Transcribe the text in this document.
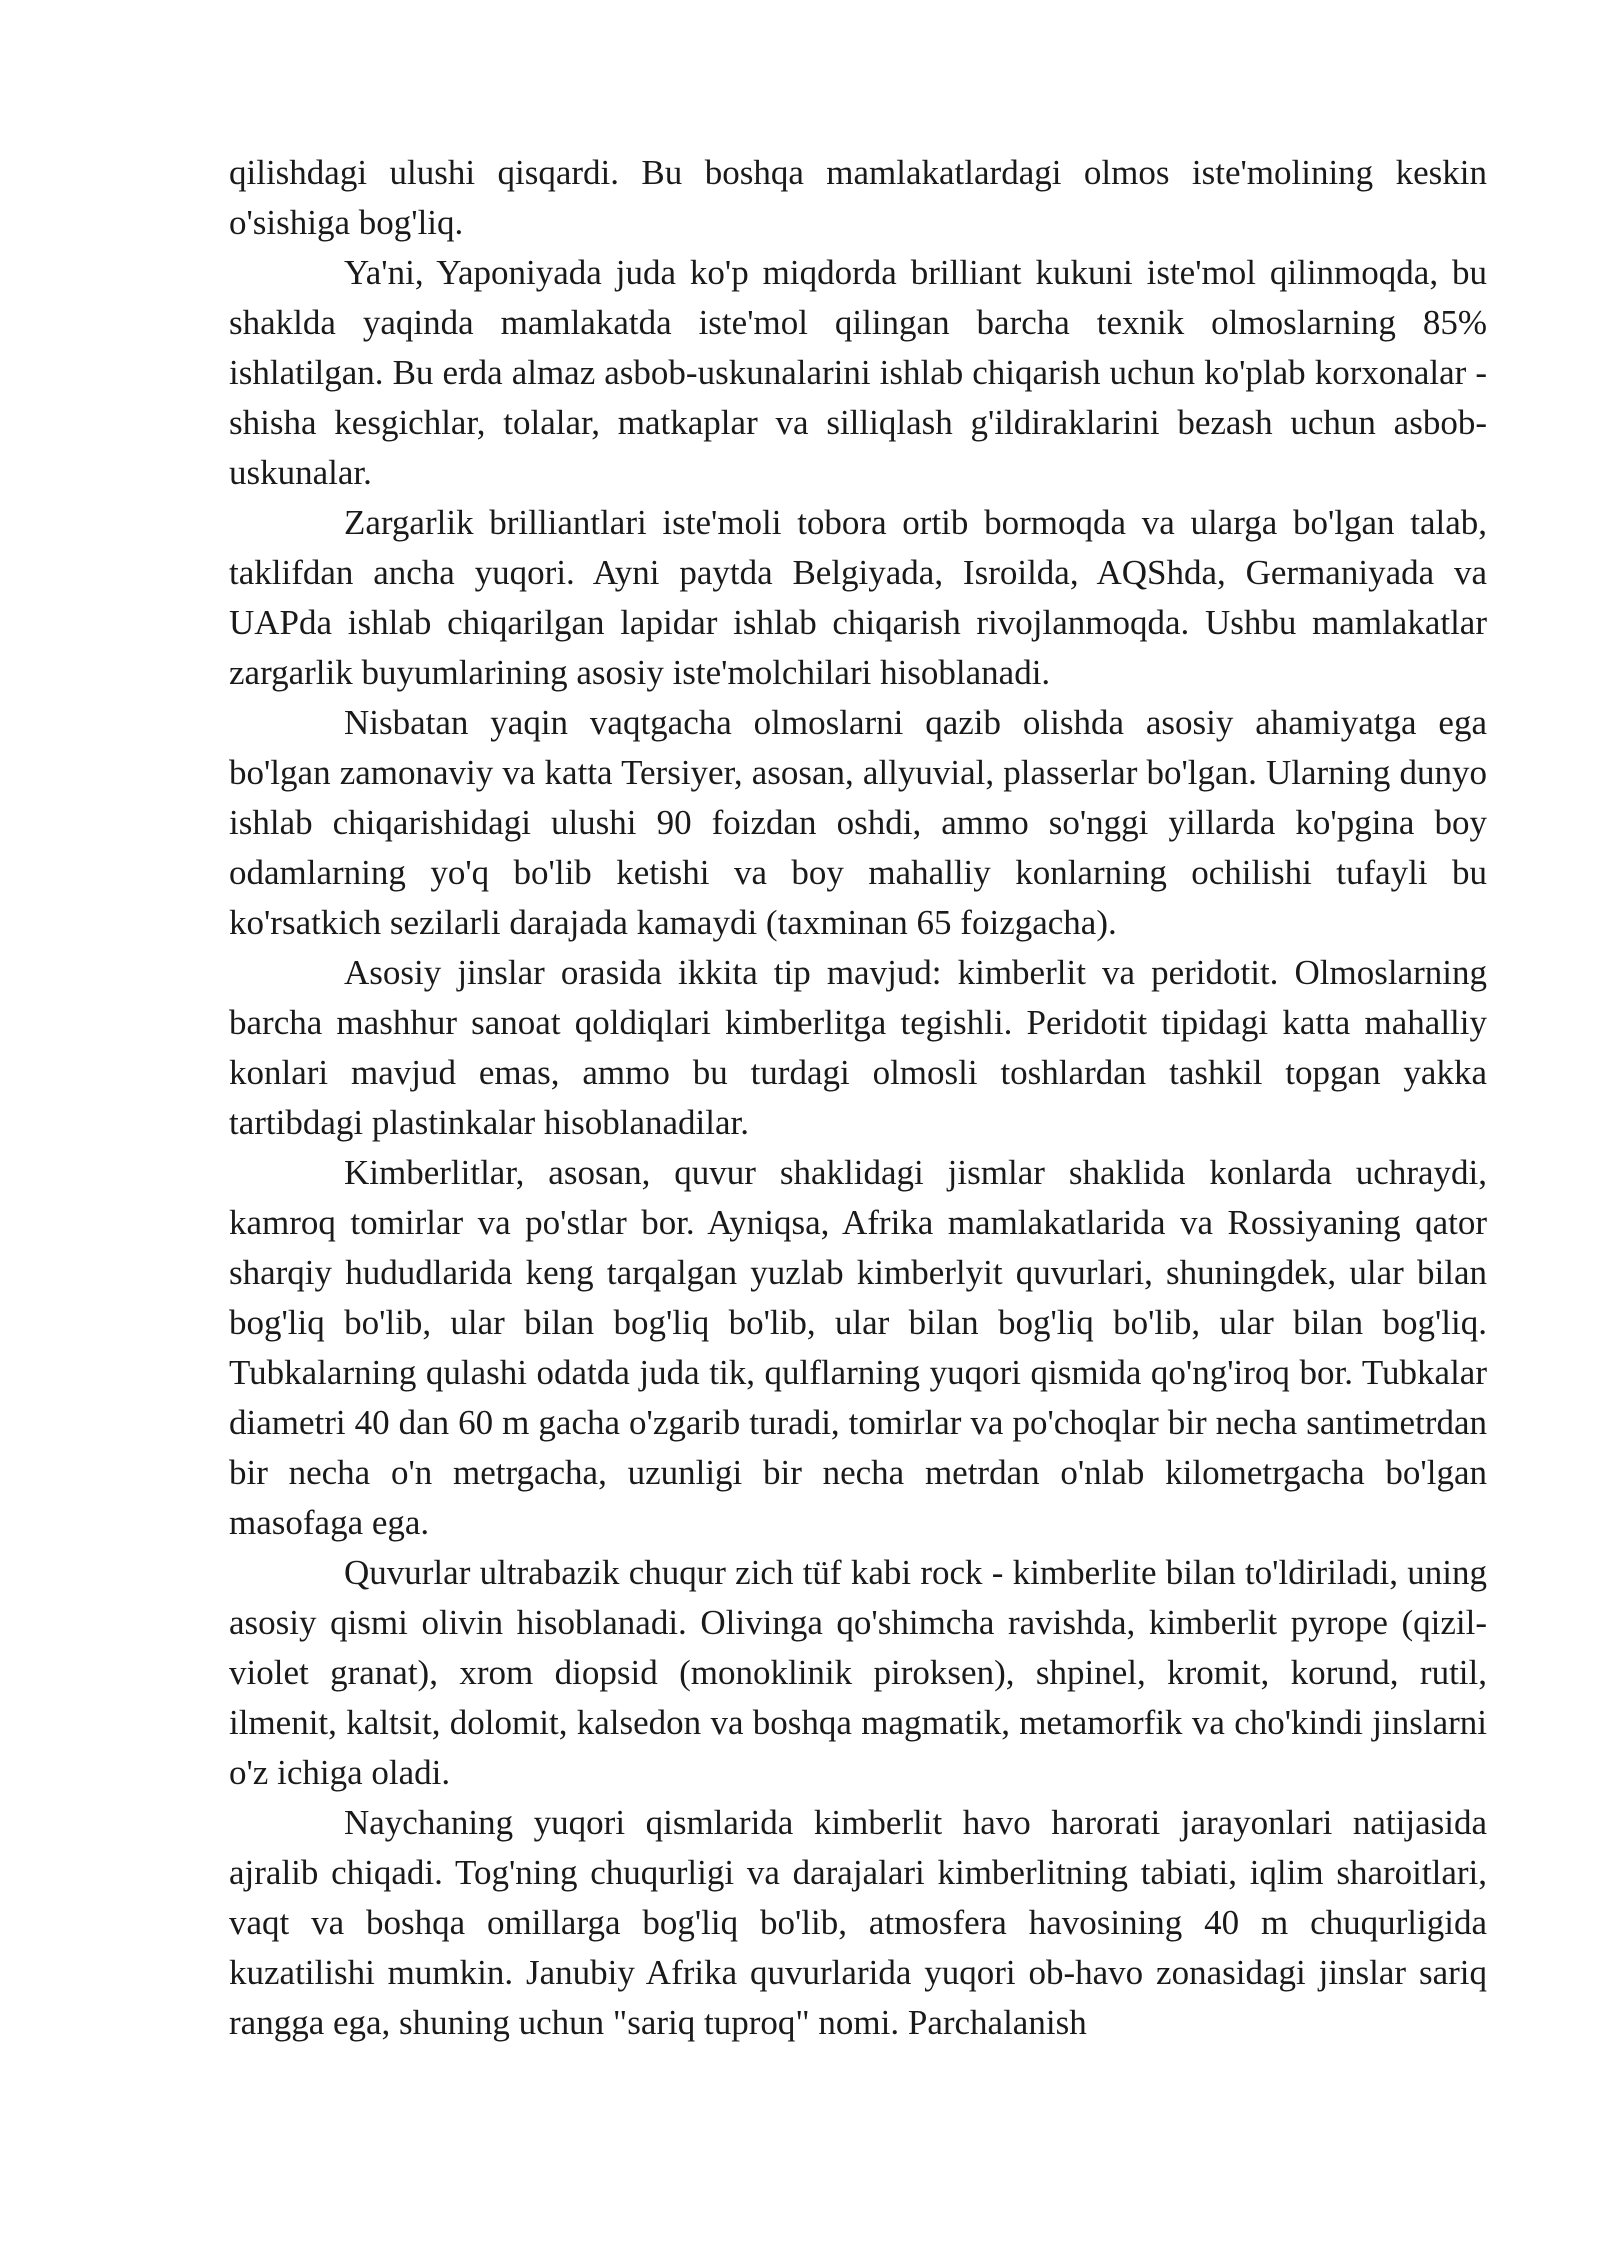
qilishdagi ulushi qisqardi. Bu boshqa mamlakatlardagi olmos iste'molining keskin o'sishiga bog'liq.

Ya'ni, Yaponiyada juda ko'p miqdorda brilliant kukuni iste'mol qilinmoqda, bu shaklda yaqinda mamlakatda iste'mol qilingan barcha texnik olmoslarning 85% ishlatilgan. Bu erda almaz asbob-uskunalarini ishlab chiqarish uchun ko'plab korxonalar - shisha kesgichlar, tolalar, matkaplar va silliqlash g'ildiraklarini bezash uchun asbob-uskunalar.

Zargarlik brilliantlari iste'moli tobora ortib bormoqda va ularga bo'lgan talab, taklifdan ancha yuqori. Ayni paytda Belgiyada, Isroilda, AQShda, Germaniyada va UAPda ishlab chiqarilgan lapidar ishlab chiqarish rivojlanmoqda. Ushbu mamlakatlar zargarlik buyumlarining asosiy iste'molchilari hisoblanadi.

Nisbatan yaqin vaqtgacha olmoslarni qazib olishda asosiy ahamiyatga ega bo'lgan zamonaviy va katta Tersiyer, asosan, allyuvial, plasserlar bo'lgan. Ularning dunyo ishlab chiqarishidagi ulushi 90 foizdan oshdi, ammo so'nggi yillarda ko'pgina boy odamlarning yo'q bo'lib ketishi va boy mahalliy konlarning ochilishi tufayli bu ko'rsatkich sezilarli darajada kamaydi (taxminan 65 foizgacha).

Asosiy jinslar orasida ikkita tip mavjud: kimberlit va peridotit. Olmoslarning barcha mashhur sanoat qoldiqlari kimberlitga tegishli. Peridotit tipidagi katta mahalliy konlari mavjud emas, ammo bu turdagi olmosli toshlardan tashkil topgan yakka tartibdagi plastinkalar hisoblanadilar.

Kimberlitlar, asosan, quvur shaklidagi jismlar shaklida konlarda uchraydi, kamroq tomirlar va po'stlar bor. Ayniqsa, Afrika mamlakatlarida va Rossiyaning qator sharqiy hududlarida keng tarqalgan yuzlab kimberlyit quvurlari, shuningdek, ular bilan bog'liq bo'lib, ular bilan bog'liq bo'lib, ular bilan bog'liq bo'lib, ular bilan bog'liq. Tubkalarning qulashi odatda juda tik, qulflarning yuqori qismida qo'ng'iroq bor. Tubkalar diametri 40 dan 60 m gacha o'zgarib turadi, tomirlar va po'choqlar bir necha santimetrdan bir necha o'n metrgacha, uzunligi bir necha metrdan o'nlab kilometrgacha bo'lgan masofaga ega.

Quvurlar ultrabazik chuqur zich tüf kabi rock - kimberlite bilan to'ldiriladi, uning asosiy qismi olivin hisoblanadi. Olivinga qo'shimcha ravishda, kimberlit pyrope (qizil-violet granat), xrom diopsid (monoklinik piroksen), shpinel, kromit, korund, rutil, ilmenit, kaltsit, dolomit, kalsedon va boshqa magmatik, metamorfik va cho'kindi jinslarni o'z ichiga oladi.

Naychaning yuqori qismlarida kimberlit havo harorati jarayonlari natijasida ajralib chiqadi. Tog'ning chuqurligi va darajalari kimberlitning tabiati, iqlim sharoitlari, vaqt va boshqa omillarga bog'liq bo'lib, atmosfera havosining 40 m chuqurligida kuzatilishi mumkin. Janubiy Afrika quvurlarida yuqori ob-havo zonasidagi jinslar sariq rangga ega, shuning uchun "sariq tuproq" nomi. Parchalanish
